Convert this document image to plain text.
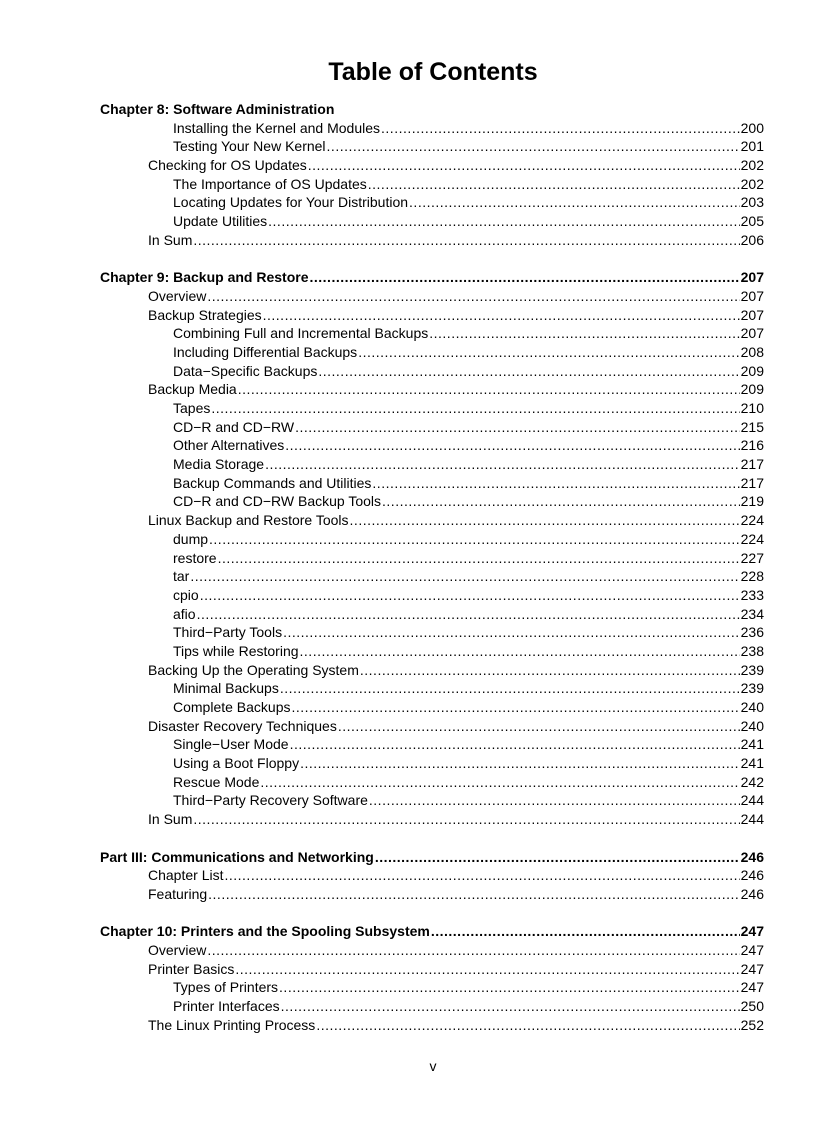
Table of Contents
Chapter 8: Software Administration
Installing the Kernel and Modules .....	200
Testing Your New Kernel .....	201
Checking for OS Updates .....	202
The Importance of OS Updates .....	202
Locating Updates for Your Distribution .....	203
Update Utilities .....	205
In Sum .....	206
Chapter 9: Backup and Restore .....	207
Overview .....	207
Backup Strategies .....	207
Combining Full and Incremental Backups .....	207
Including Differential Backups .....	208
Data−Specific Backups .....	209
Backup Media .....	209
Tapes .....	210
CD−R and CD−RW .....	215
Other Alternatives .....	216
Media Storage .....	217
Backup Commands and Utilities .....	217
CD−R and CD−RW Backup Tools .....	219
Linux Backup and Restore Tools .....	224
dump .....	224
restore .....	227
tar .....	228
cpio .....	233
afio .....	234
Third−Party Tools .....	236
Tips while Restoring .....	238
Backing Up the Operating System .....	239
Minimal Backups .....	239
Complete Backups .....	240
Disaster Recovery Techniques .....	240
Single−User Mode .....	241
Using a Boot Floppy .....	241
Rescue Mode .....	242
Third−Party Recovery Software .....	244
In Sum .....	244
Part III: Communications and Networking .....	246
Chapter List .....	246
Featuring .....	246
Chapter 10: Printers and the Spooling Subsystem .....	247
Overview .....	247
Printer Basics .....	247
Types of Printers .....	247
Printer Interfaces .....	250
The Linux Printing Process .....	252

v
